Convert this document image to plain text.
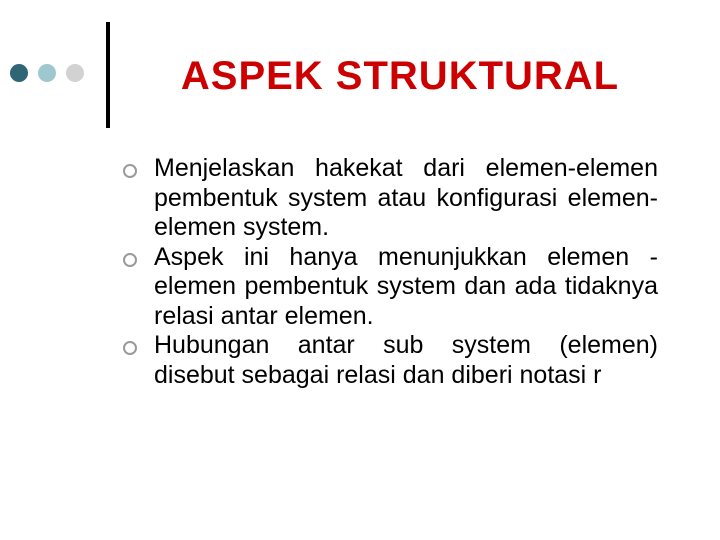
ASPEK STRUKTURAL
Menjelaskan hakekat dari elemen-elemen pembentuk system atau konfigurasi elemen-elemen system.
Aspek ini hanya menunjukkan elemen -elemen pembentuk system dan ada tidaknya relasi antar elemen.
Hubungan antar sub system (elemen) disebut sebagai relasi dan diberi notasi r
